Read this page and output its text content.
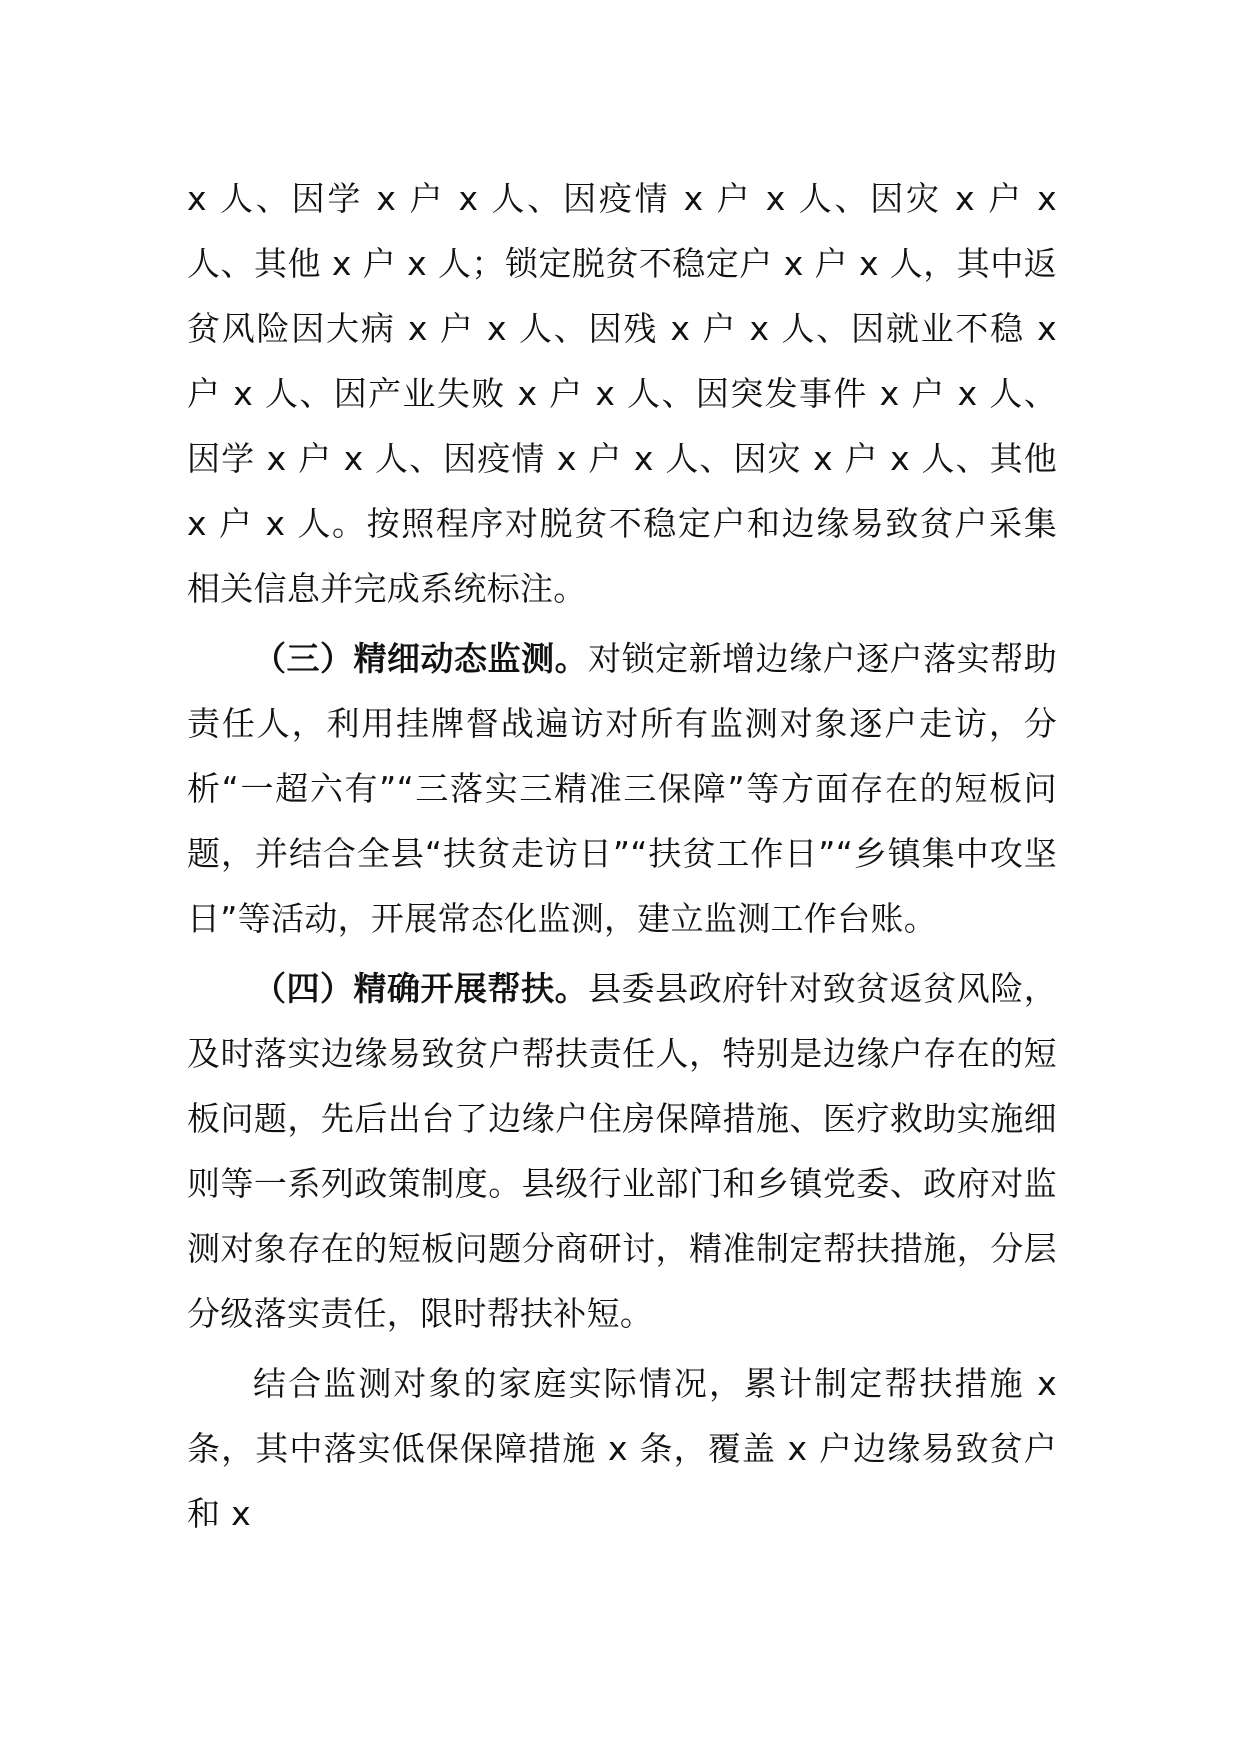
x 人、因学 x 户 x 人、因疫情 x 户 x 人、因灾 x 户 x 人、其他 x 户 x 人；锁定脱贫不稳定户 x 户 x 人，其中返贫风险因大病 x 户 x 人、因残 x 户 x 人、因就业不稳 x 户 x 人、因产业失败 x 户 x 人、因突发事件 x 户 x 人、因学 x 户 x 人、因疫情 x 户 x 人、因灾 x 户 x 人、其他 x 户 x 人。按照程序对脱贫不稳定户和边缘易致贫户采集相关信息并完成系统标注。

（三）精细动态监测。对锁定新增边缘户逐户落实帮助责任人，利用挂牌督战遍访对所有监测对象逐户走访，分析“一超六有”“三落实三精准三保障”等方面存在的短板问题，并结合全县“扶贫走访日”“扶贫工作日”“乡镇集中攻坚日”等活动，开展常态化监测，建立监测工作台账。

（四）精确开展帮扶。县委县政府针对致贫返贫风险，及时落实边缘易致贫户帮扶责任人，特别是边缘户存在的短板问题，先后出台了边缘户住房保障措施、医疗救助实施细则等一系列政策制度。县级行业部门和乡镇党委、政府对监测对象存在的短板问题分商研讨，精准制定帮扶措施，分层分级落实责任，限时帮扶补短。

结合监测对象的家庭实际情况，累计制定帮扶措施 x 条，其中落实低保保障措施 x 条，覆盖 x 户边缘易致贫户和 x
